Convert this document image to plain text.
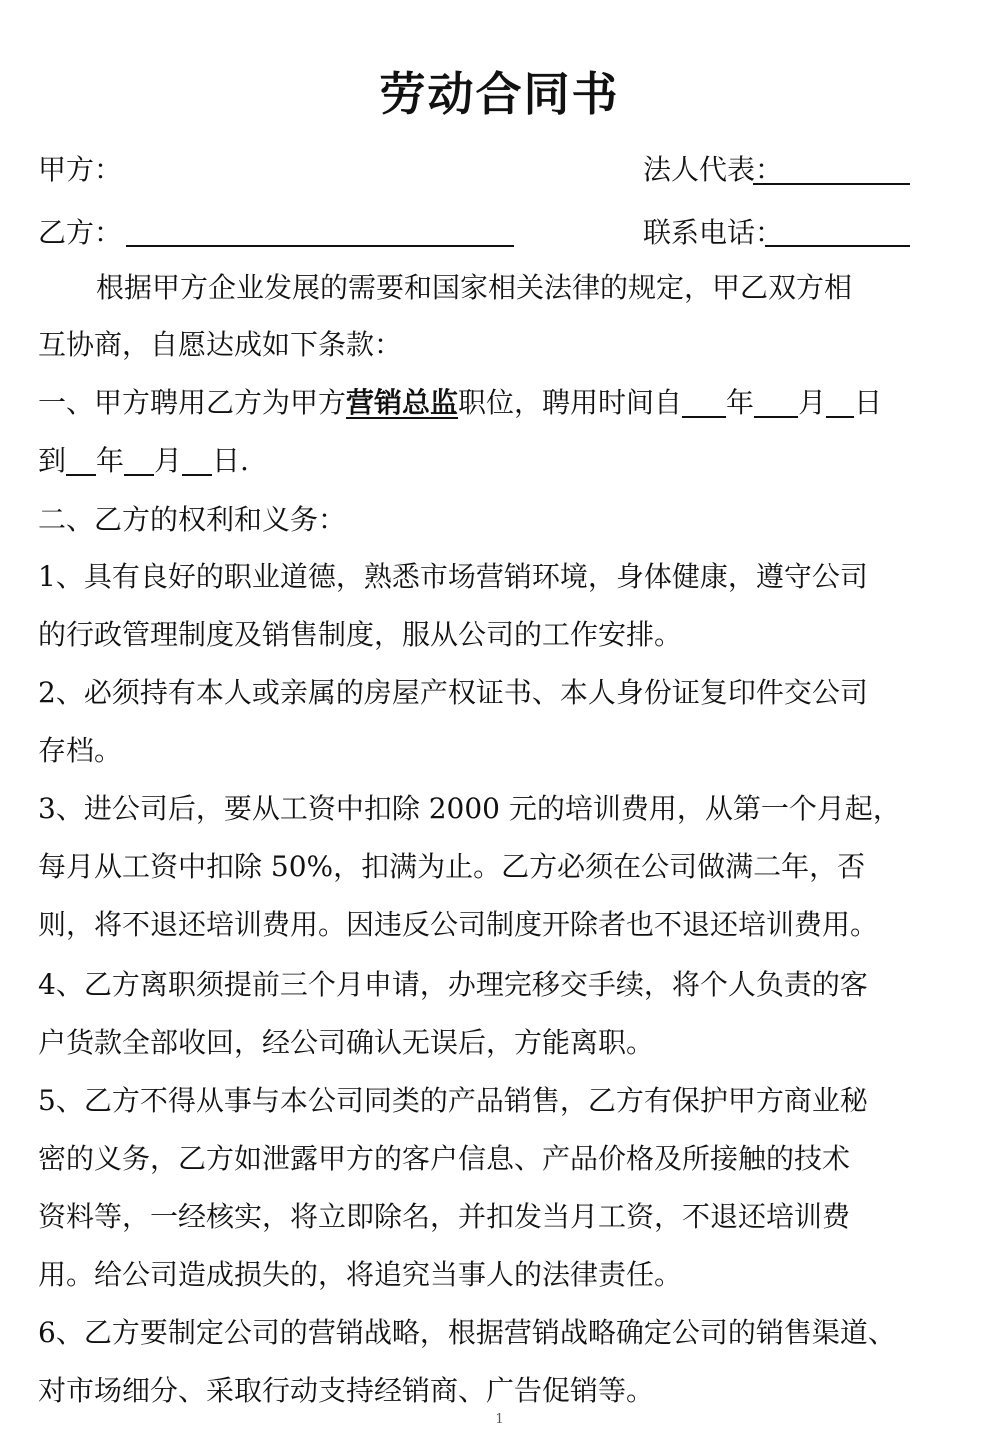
劳动合同书
甲方：	法人代表：
乙方：	联系电话：
根据甲方企业发展的需要和国家相关法律的规定，甲乙双方相
互协商，自愿达成如下条款：
一、甲方聘用乙方为甲方营销总监职位，聘用时间自 年 月 日
到 年 月 日.
二、乙方的权利和义务：
1、具有良好的职业道德，熟悉市场营销环境，身体健康，遵守公司
的行政管理制度及销售制度，服从公司的工作安排。
2、必须持有本人或亲属的房屋产权证书、本人身份证复印件交公司
存档。
3、进公司后，要从工资中扣除 2000 元的培训费用，从第一个月起，
每月从工资中扣除 50%，扣满为止。乙方必须在公司做满二年，否
则，将不退还培训费用。因违反公司制度开除者也不退还培训费用。
4、乙方离职须提前三个月申请，办理完移交手续，将个人负责的客
户货款全部收回，经公司确认无误后，方能离职。
5、乙方不得从事与本公司同类的产品销售，乙方有保护甲方商业秘
密的义务，乙方如泄露甲方的客户信息、产品价格及所接触的技术
资料等，一经核实，将立即除名，并扣发当月工资，不退还培训费
用。给公司造成损失的，将追究当事人的法律责任。
6、乙方要制定公司的营销战略，根据营销战略确定公司的销售渠道、
对市场细分、采取行动支持经销商、广告促销等。
1
